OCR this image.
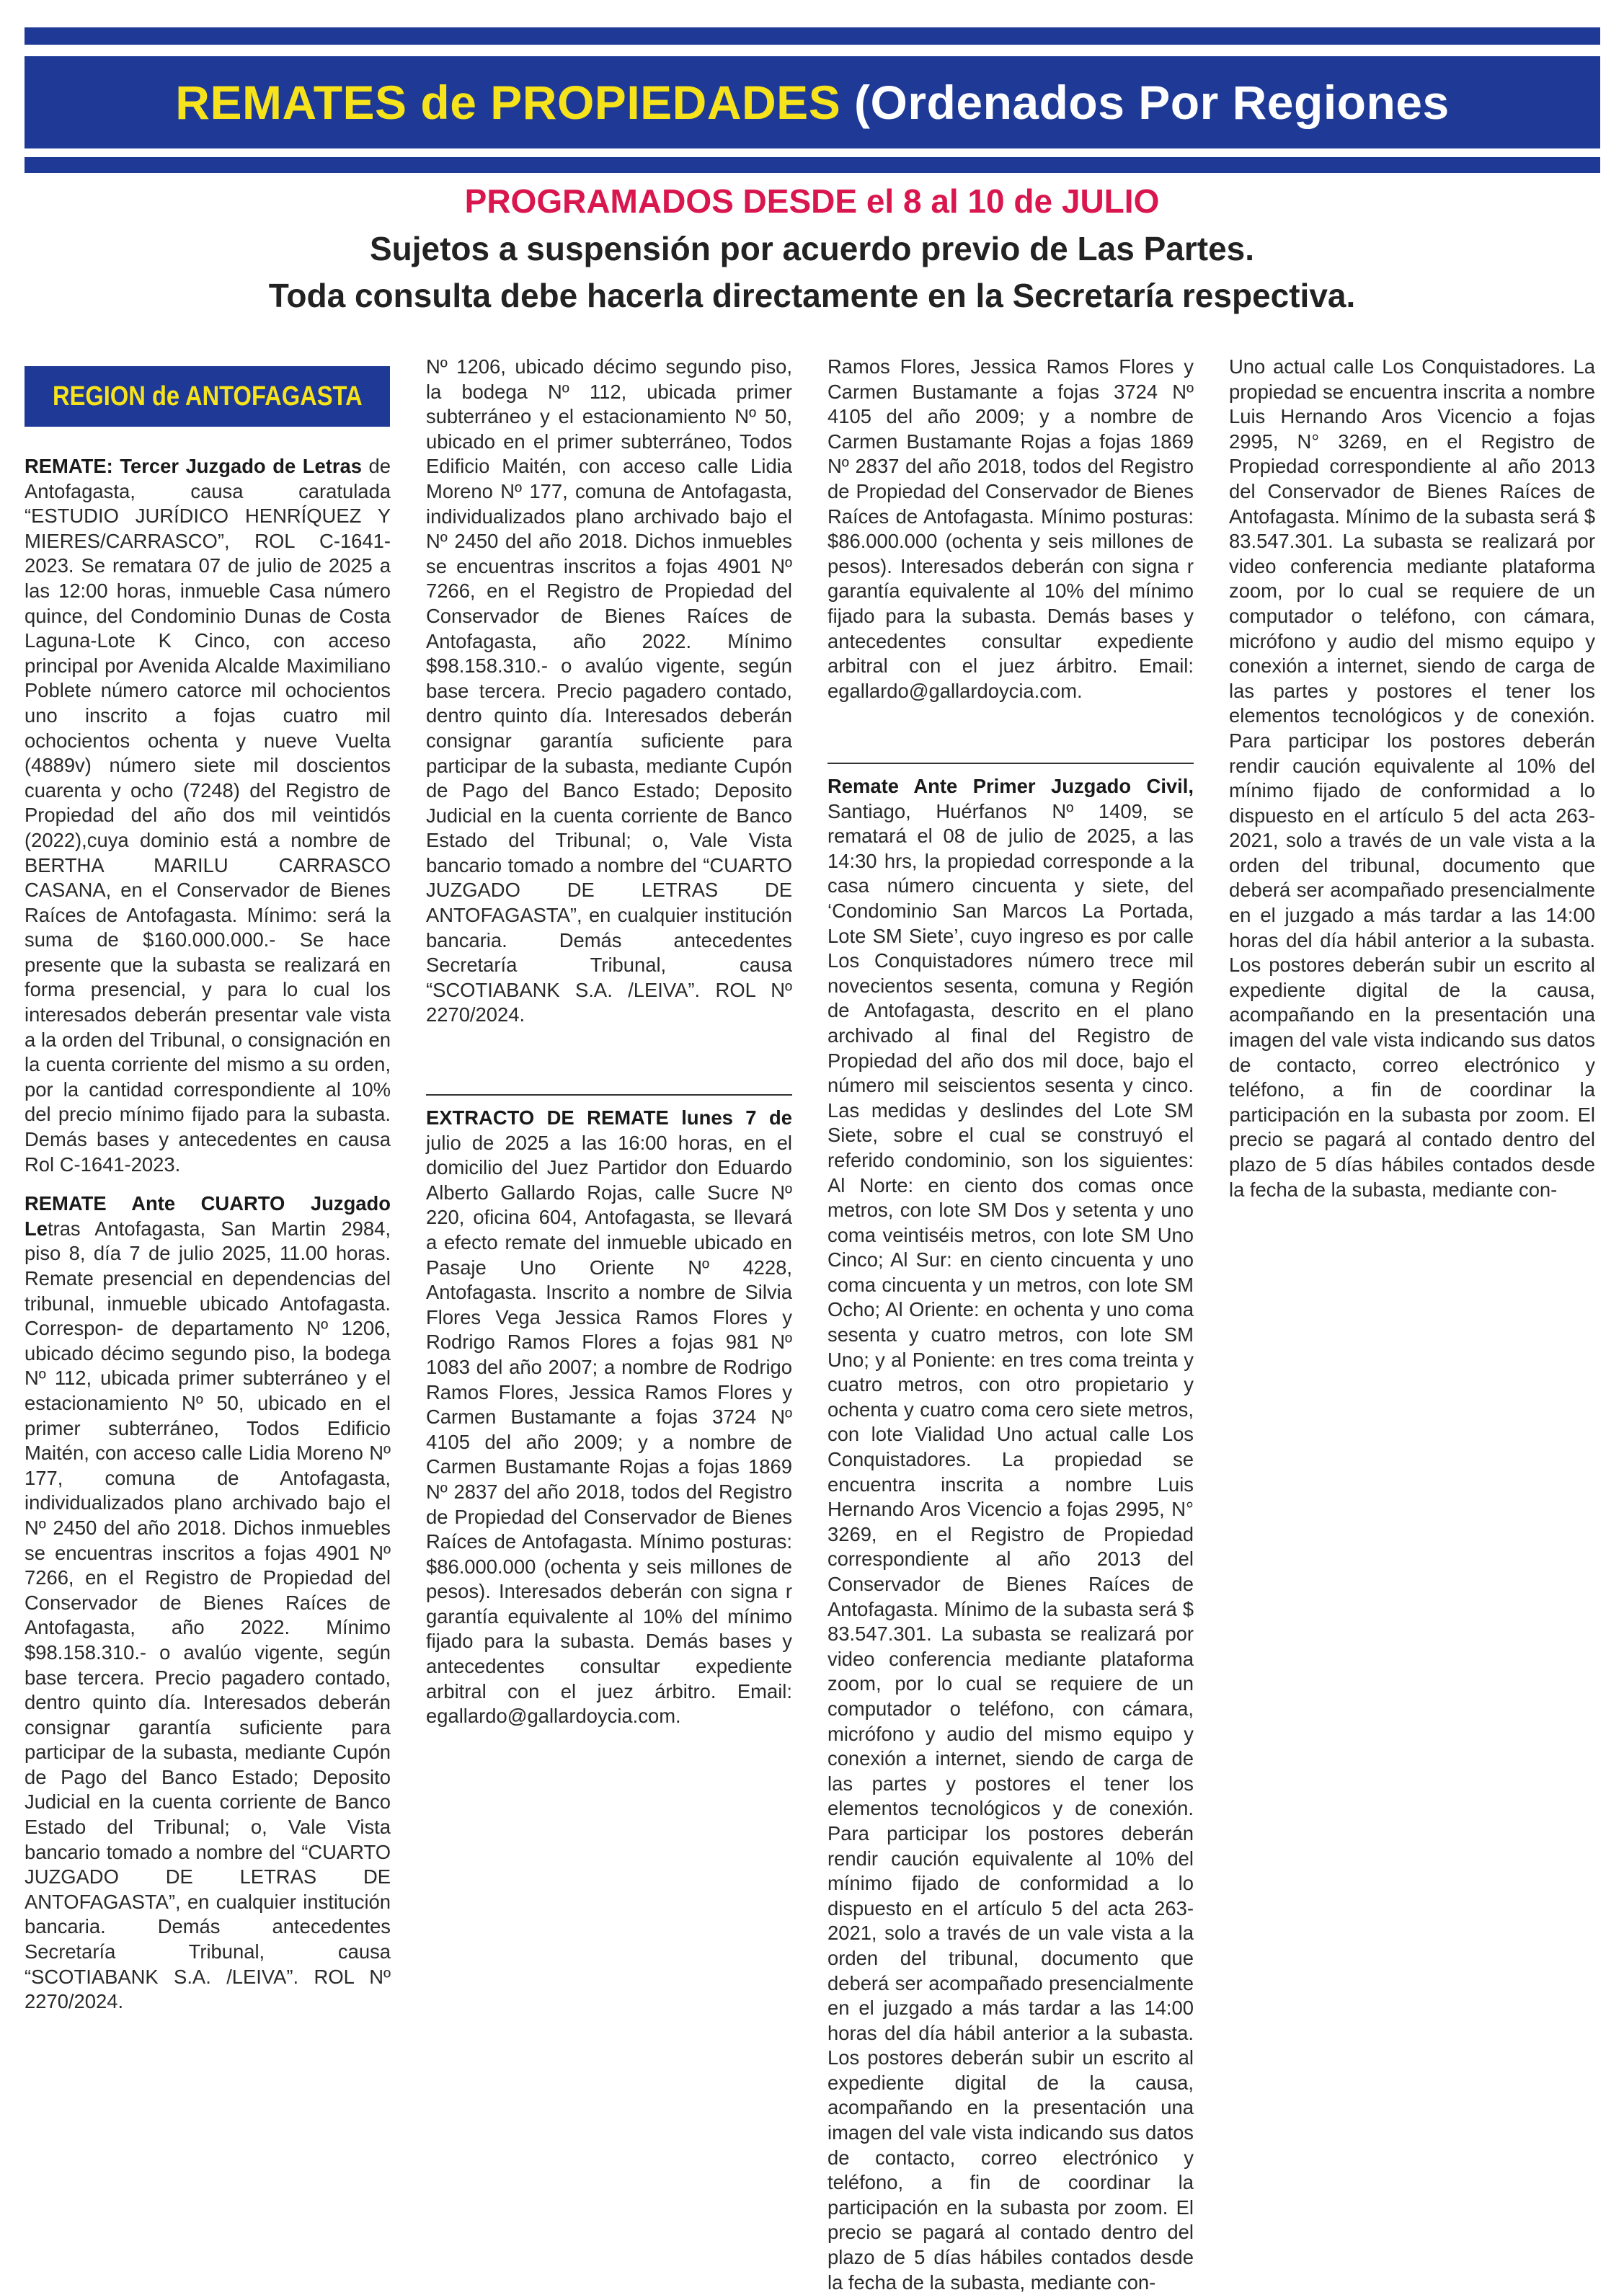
REMATES de PROPIEDADES (Ordenados Por Regiones
PROGRAMADOS DESDE el 8 al 10 de JULIO
Sujetos a suspensión por acuerdo previo de Las Partes.
Toda consulta debe hacerla directamente en la Secretaría respectiva.
REGION de ANTOFAGASTA

REMATE: Tercer Juzgado de Letras de Antofagasta, causa caratulada “ESTUDIO JURÍDICO HENRÍQUEZ Y MIERES/CARRASCO”, ROL C-1641-2023. Se rematara 07 de julio de 2025 a las 12:00 horas, inmueble Casa número quince, del Condominio Dunas de Costa Laguna-Lote K Cinco, con acceso principal por Avenida Alcalde Maximiliano Poblete número catorce mil ochocientos uno inscrito a fojas cuatro mil ochocientos ochenta y nueve Vuelta (4889v) número siete mil doscientos cuarenta y ocho (7248) del Registro de Propiedad del año dos mil veintidós (2022),cuya dominio está a nombre de BERTHA MARILU CARRASCO CASANA, en el Conservador de Bienes Raíces de Antofagasta. Mínimo: será la suma de $160.000.000.- Se hace presente que la subasta se realizará en forma presencial, y para lo cual los interesados deberán presentar vale vista a la orden del Tribunal, o consignación en la cuenta corriente del mismo a su orden, por la cantidad correspondiente al 10% del precio mínimo fijado para la subasta. Demás bases y antecedentes en causa Rol C-1641-2023.

REMATE Ante CUARTO Juzgado Letras Antofagasta, San Martin 2984, piso 8, día 7 de julio 2025, 11.00 horas. Remate presencial en dependencias del tribunal, inmueble ubicado Antofagasta. Correspon- de departamento Nº 1206, ubicado décimo segundo piso, la bodega Nº 112, ubicada primer subterráneo y el estacionamiento Nº 50, ubicado en el primer subterráneo, Todos Edificio Maitén, con acceso calle Lidia Moreno Nº 177, comuna de Antofagasta, individualizados plano archivado bajo el Nº 2450 del año 2018. Dichos inmuebles se encuentras inscritos a fojas 4901 Nº 7266, en el Registro de Propiedad del Conservador de Bienes Raíces de Antofagasta, año 2022. Mínimo $98.158.310.- o avalúo vigente, según base tercera. Precio pagadero contado, dentro quinto día. Interesados deberán consignar garantía suficiente para participar de la subasta, mediante Cupón de Pago del Banco Estado; Deposito Judicial en la cuenta corriente de Banco Estado del Tribunal; o, Vale Vista bancario tomado a nombre del “CUARTO JUZGADO DE LETRAS DE ANTOFAGASTA”, en cualquier institución bancaria. Demás antecedentes Secretaría Tribunal, causa “SCOTIABANK S.A. /LEIVA”. ROL Nº 2270/2024.

Nº 1206, ubicado décimo segundo piso, la bodega Nº 112, ubicada primer subterráneo y el estacionamiento Nº 50, ubicado en el primer subterráneo, Todos Edificio Maitén, con acceso calle Lidia Moreno Nº 177, comuna de Antofagasta, individualizados plano archivado bajo el Nº 2450 del año 2018. Dichos inmuebles se encuentras inscritos a fojas 4901 Nº 7266, en el Registro de Propiedad del Conservador de Bienes Raíces de Antofagasta, año 2022. Mínimo $98.158.310.- o avalúo vigente, según base tercera. Precio pagadero contado, dentro quinto día. Interesados deberán consignar garantía suficiente para participar de la subasta, mediante Cupón de Pago del Banco Estado; Deposito Judicial en la cuenta corriente de Banco Estado del Tribunal; o, Vale Vista bancario tomado a nombre del “CUARTO JUZGADO DE LETRAS DE ANTOFAGASTA”, en cualquier institución bancaria. Demás antecedentes Secretaría Tribunal, causa “SCOTIABANK S.A. /LEIVA”. ROL Nº 2270/2024.

EXTRACTO DE REMATE lunes 7 de julio de 2025 a las 16:00 horas, en el domicilio del Juez Partidor don Eduardo Alberto Gallardo Rojas, calle Sucre Nº 220, oficina 604, Antofagasta, se llevará a efecto remate del inmueble ubicado en Pasaje Uno Oriente Nº 4228, Antofagasta. Inscrito a nombre de Silvia Flores Vega Jessica Ramos Flores y Rodrigo Ramos Flores a fojas 981 Nº 1083 del año 2007; a nombre de Rodrigo Ramos Flores, Jessica Ramos Flores y Carmen Bustamante a fojas 3724 Nº 4105 del año 2009; y a nombre de Carmen Bustamante Rojas a fojas 1869 Nº 2837 del año 2018, todos del Registro de Propiedad del Conservador de Bienes Raíces de Antofagasta. Mínimo posturas: $86.000.000 (ochenta y seis millones de pesos). Interesados deberán con signa r garantía equivalente al 10% del mínimo fijado para la subasta. Demás bases y antecedentes consultar expediente arbitral con el juez árbitro. Email: egallardo@gallardoycia.com.

Ramos Flores, Jessica Ramos Flores y Carmen Bustamante a fojas 3724 Nº 4105 del año 2009; y a nombre de Carmen Bustamante Rojas a fojas 1869 Nº 2837 del año 2018, todos del Registro de Propiedad del Conservador de Bienes Raíces de Antofagasta. Mínimo posturas: $86.000.000 (ochenta y seis millones de pesos). Interesados deberán con signa r garantía equivalente al 10% del mínimo fijado para la subasta. Demás bases y antecedentes consultar expediente arbitral con el juez árbitro. Email: egallardo@gallardoycia.com.

Remate Ante Primer Juzgado Civil, Santiago, Huérfanos Nº 1409, se rematará el 08 de julio de 2025, a las 14:30 hrs, la propiedad corresponde a la casa número cincuenta y siete, del ‘Condominio San Marcos La Portada, Lote SM Siete’, cuyo ingreso es por calle Los Conquistadores número trece mil novecientos sesenta, comuna y Región de Antofagasta, descrito en el plano archivado al final del Registro de Propiedad del año dos mil doce, bajo el número mil seiscientos sesenta y cinco. Las medidas y deslindes del Lote SM Siete, sobre el cual se construyó el referido condominio, son los siguientes: Al Norte: en ciento dos comas once metros, con lote SM Dos y setenta y uno coma veintiséis metros, con lote SM Uno Cinco; Al Sur: en ciento cincuenta y uno coma cincuenta y un metros, con lote SM Ocho; Al Oriente: en ochenta y uno coma sesenta y cuatro metros, con lote SM Uno; y al Poniente: en tres coma treinta y cuatro metros, con otro propietario y ochenta y cuatro coma cero siete metros, con lote Vialidad Uno actual calle Los Conquistadores. La propiedad se encuentra inscrita a nombre Luis Hernando Aros Vicencio a fojas 2995, N° 3269, en el Registro de Propiedad correspondiente al año 2013 del Conservador de Bienes Raíces de Antofagasta. Mínimo de la subasta será $ 83.547.301. La subasta se realizará por video conferencia mediante plataforma zoom, por lo cual se requiere de un computador o teléfono, con cámara, micrófono y audio del mismo equipo y conexión a internet, siendo de carga de las partes y postores el tener los elementos tecnológicos y de conexión. Para participar los postores deberán rendir caución equivalente al 10% del mínimo fijado de conformidad a lo dispuesto en el artículo 5 del acta 263- 2021, solo a través de un vale vista a la orden del tribunal, documento que deberá ser acompañado presencialmente en el juzgado a más tardar a las 14:00 horas del día hábil anterior a la subasta. Los postores deberán subir un escrito al expediente digital de la causa, acompañando en la presentación una imagen del vale vista indicando sus datos de contacto, correo electrónico y teléfono, a fin de coordinar la participación en la subasta por zoom. El precio se pagará al contado dentro del plazo de 5 días hábiles contados desde la fecha de la subasta, mediante con-

Uno actual calle Los Conquistadores. La propiedad se encuentra inscrita a nombre Luis Hernando Aros Vicencio a fojas 2995, N° 3269, en el Registro de Propiedad correspondiente al año 2013 del Conservador de Bienes Raíces de Antofagasta. Mínimo de la subasta será $ 83.547.301. La subasta se realizará por video conferencia mediante plataforma zoom, por lo cual se requiere de un computador o teléfono, con cámara, micrófono y audio del mismo equipo y conexión a internet, siendo de carga de las partes y postores el tener los elementos tecnológicos y de conexión. Para participar los postores deberán rendir caución equivalente al 10% del mínimo fijado de conformidad a lo dispuesto en el artículo 5 del acta 263- 2021, solo a través de un vale vista a la orden del tribunal, documento que deberá ser acompañado presencialmente en el juzgado a más tardar a las 14:00 horas del día hábil anterior a la subasta. Los postores deberán subir un escrito al expediente digital de la causa, acompañando en la presentación una imagen del vale vista indicando sus datos de contacto, correo electrónico y teléfono, a fin de coordinar la participación en la subasta por zoom. El precio se pagará al contado dentro del plazo de 5 días hábiles contados desde la fecha de la subasta, mediante con-
